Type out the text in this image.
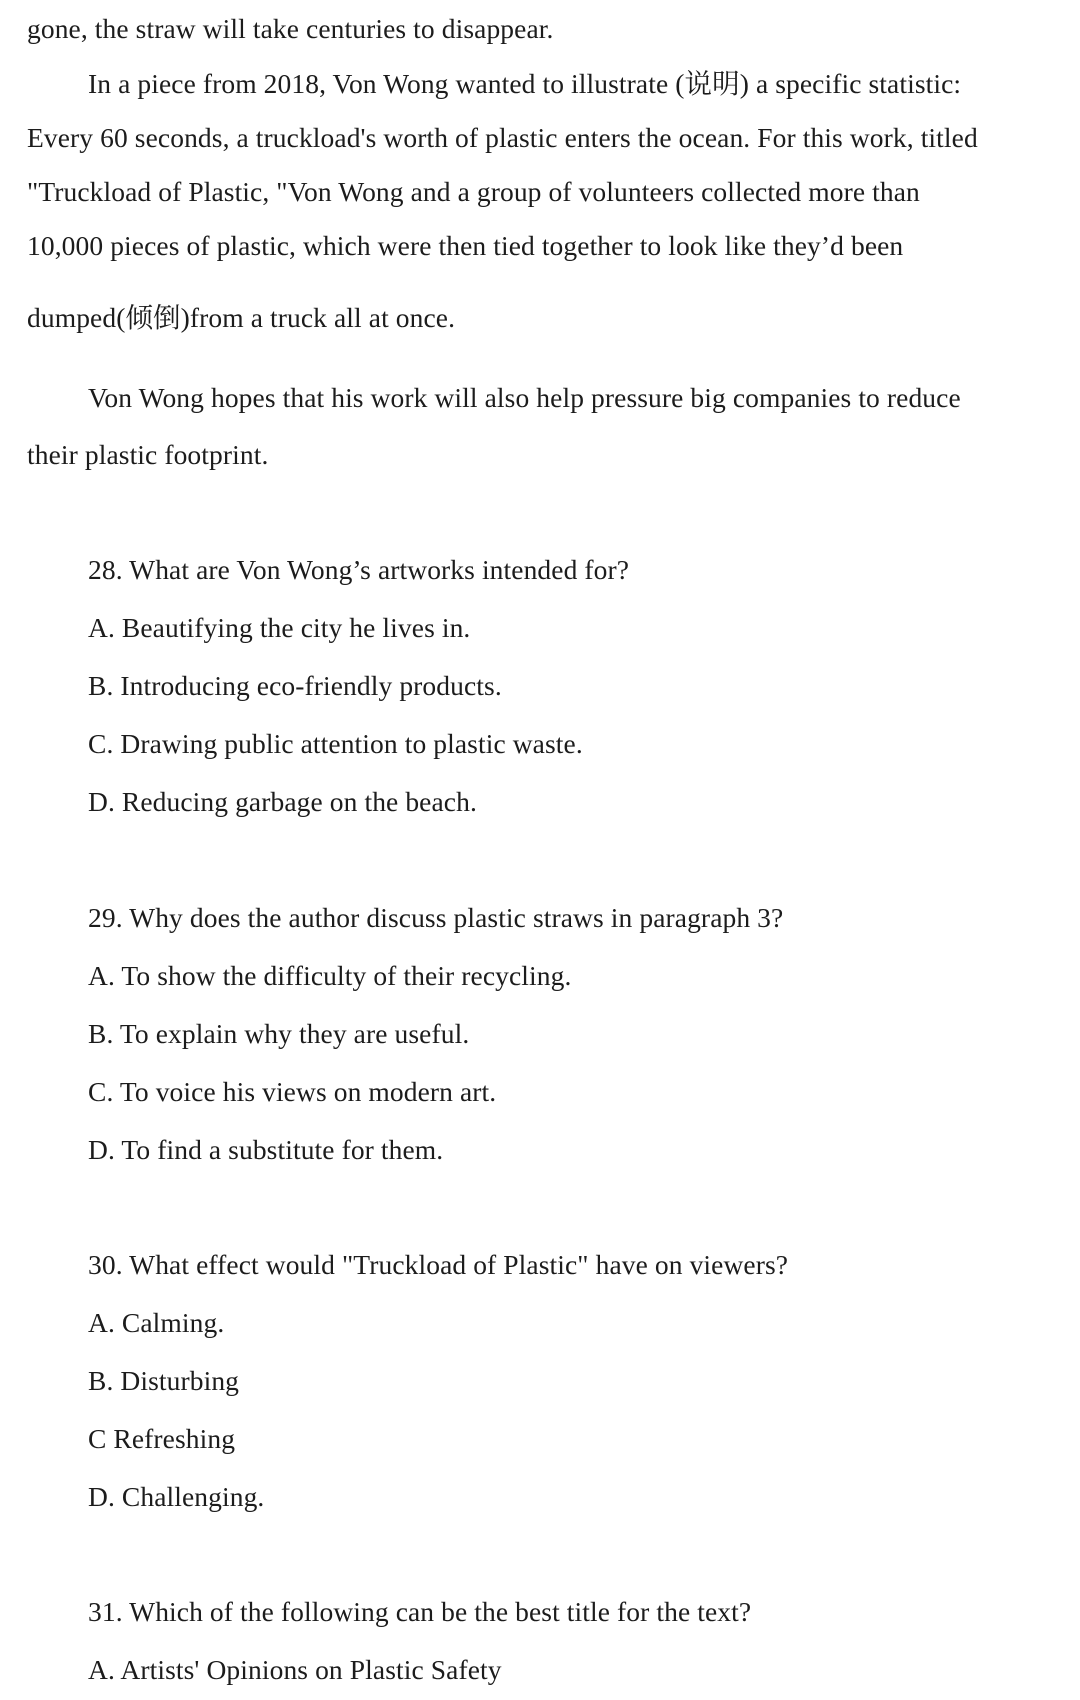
gone, the straw will take centuries to disappear.
In a piece from 2018, Von Wong wanted to illustrate (说明) a specific statistic:
Every 60 seconds, a truckload's worth of plastic enters the ocean. For this work, titled
"Truckload of Plastic, "Von Wong and a group of volunteers collected more than
10,000 pieces of plastic, which were then tied together to look like they’d been
dumped(倾倒)from a truck all at once.
Von Wong hopes that his work will also help pressure big companies to reduce
their plastic footprint.
28. What are Von Wong’s artworks intended for?
A. Beautifying the city he lives in.
B. Introducing eco-friendly products.
C. Drawing public attention to plastic waste.
D. Reducing garbage on the beach.
29. Why does the author discuss plastic straws in paragraph 3?
A. To show the difficulty of their recycling.
B. To explain why they are useful.
C. To voice his views on modern art.
D. To find a substitute for them.
30. What effect would "Truckload of Plastic" have on viewers?
A. Calming.
B. Disturbing
C Refreshing
D. Challenging.
31. Which of the following can be the best title for the text?
A. Artists' Opinions on Plastic Safety
